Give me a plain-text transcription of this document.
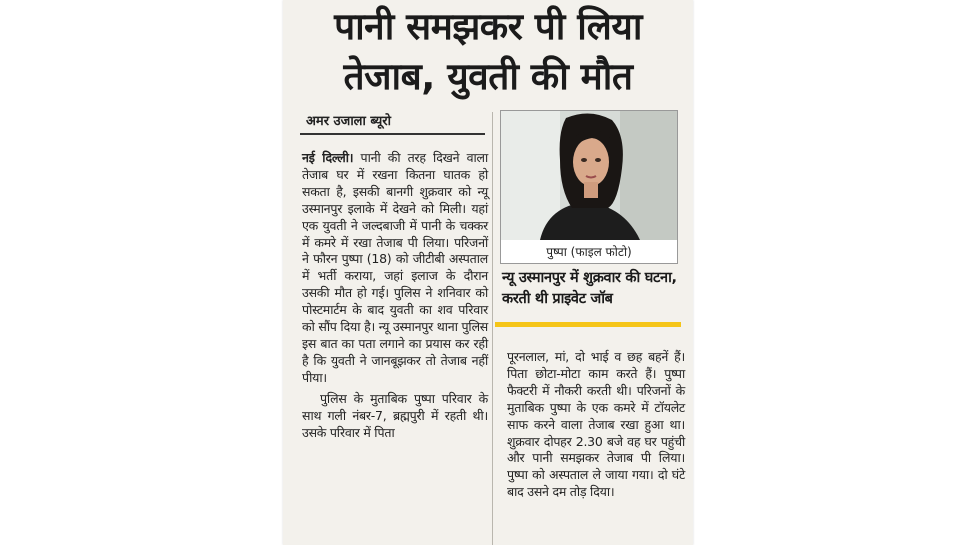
पानी समझकर पी लिया
तेजाब, युवती की मौत
अमर उजाला ब्यूरो

नई दिल्ली। पानी की तरह दिखने वाला तेजाब घर में रखना कितना घातक हो सकता है, इसकी बानगी शुक्रवार को न्यू उस्मानपुर इलाके में देखने को मिली। यहां एक युवती ने जल्दबाजी में पानी के चक्कर में कमरे में रखा तेजाब पी लिया। परिजनों ने फौरन पुष्पा (18) को जीटीबी अस्पताल में भर्ती कराया, जहां इलाज के दौरान उसकी मौत हो गई। पुलिस ने शनिवार को पोस्टमार्टम के बाद युवती का शव परिवार को सौंप दिया है। न्यू उस्मानपुर थाना पुलिस इस बात का पता लगाने का प्रयास कर रही है कि युवती ने जानबूझकर तो तेजाब नहीं पीया।

पुलिस के मुताबिक पुष्पा परिवार के साथ गली नंबर-7, ब्रह्मपुरी में रहती थी। उसके परिवार में पिता

पुष्पा (फाइल फोटो)
न्यू उस्मानपुर में शुक्रवार की घटना, करती थी प्राइवेट जॉब
पूरनलाल, मां, दो भाई व छह बहनें हैं। पिता छोटा-मोटा काम करते हैं। पुष्पा फैक्टरी में नौकरी करती थी। परिजनों के मुताबिक पुष्पा के एक कमरे में टॉयलेट साफ करने वाला तेजाब रखा हुआ था। शुक्रवार दोपहर 2.30 बजे वह घर पहुंची और पानी समझकर तेजाब पी लिया। पुष्पा को अस्पताल ले जाया गया। दो घंटे बाद उसने दम तोड़ दिया।
